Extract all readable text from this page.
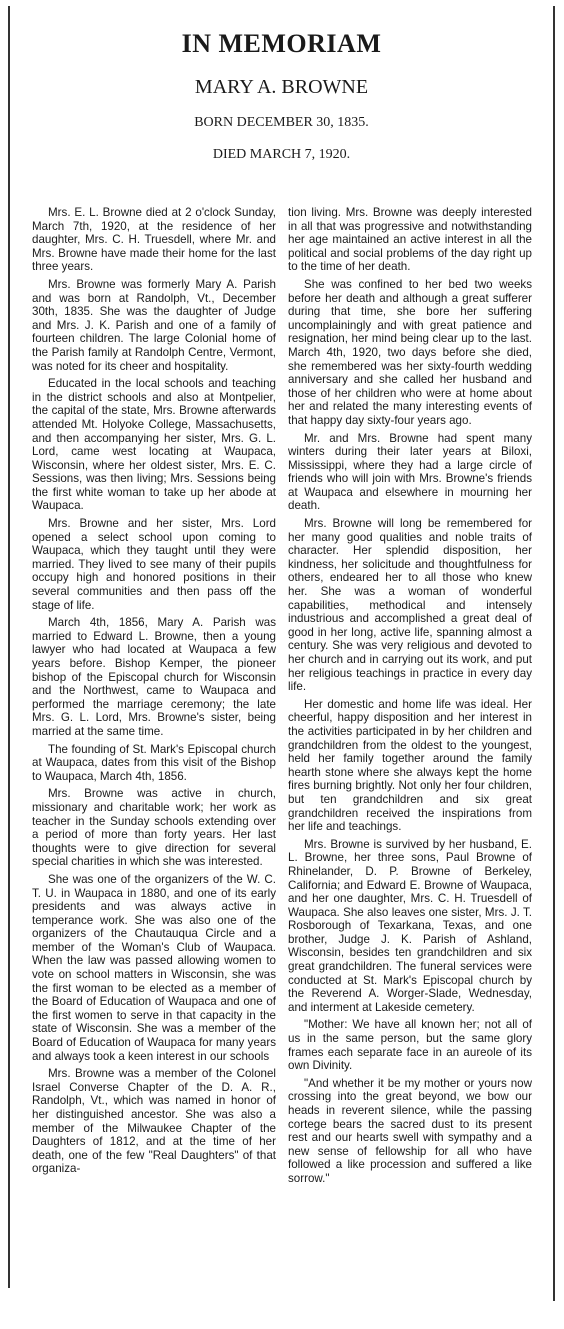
IN MEMORIAM
MARY A. BROWNE
BORN DECEMBER 30, 1835.
DIED MARCH 7, 1920.

Mrs. E. L. Browne died at 2 o'clock Sunday, March 7th, 1920, at the residence of her daughter, Mrs. C. H. Truesdell, where Mr. and Mrs. Browne have made their home for the last three years.

Mrs. Browne was formerly Mary A. Parish and was born at Randolph, Vt., December 30th, 1835. She was the daughter of Judge and Mrs. J. K. Parish and one of a family of fourteen children. The large Colonial home of the Parish family at Randolph Centre, Vermont, was noted for its cheer and hospitality.

Educated in the local schools and teaching in the district schools and also at Montpelier, the capital of the state, Mrs. Browne afterwards attended Mt. Holyoke College, Massachusetts, and then accompanying her sister, Mrs. G. L. Lord, came west locating at Waupaca, Wisconsin, where her oldest sister, Mrs. E. C. Sessions, was then living; Mrs. Sessions being the first white woman to take up her abode at Waupaca.

Mrs. Browne and her sister, Mrs. Lord opened a select school upon coming to Waupaca, which they taught until they were married. They lived to see many of their pupils occupy high and honored positions in their several communities and then pass off the stage of life.

March 4th, 1856, Mary A. Parish was married to Edward L. Browne, then a young lawyer who had located at Waupaca a few years before. Bishop Kemper, the pioneer bishop of the Episcopal church for Wisconsin and the Northwest, came to Waupaca and performed the marriage ceremony; the late Mrs. G. L. Lord, Mrs. Browne's sister, being married at the same time.

The founding of St. Mark's Episcopal church at Waupaca, dates from this visit of the Bishop to Waupaca, March 4th, 1856.

Mrs. Browne was active in church, missionary and charitable work; her work as teacher in the Sunday schools extending over a period of more than forty years. Her last thoughts were to give direction for several special charities in which she was interested.

She was one of the organizers of the W. C. T. U. in Waupaca in 1880, and one of its early presidents and was always active in temperance work. She was also one of the organizers of the Chautauqua Circle and a member of the Woman's Club of Waupaca. When the law was passed allowing women to vote on school matters in Wisconsin, she was the first woman to be elected as a member of the Board of Education of Waupaca and one of the first women to serve in that capacity in the state of Wisconsin. She was a member of the Board of Education of Waupaca for many years and always took a keen interest in our schools

Mrs. Browne was a member of the Colonel Israel Converse Chapter of the D. A. R., Randolph, Vt., which was named in honor of her distinguished ancestor. She was also a member of the Milwaukee Chapter of the Daughters of 1812, and at the time of her death, one of the few "Real Daughters" of that organiza-

tion living. Mrs. Browne was deeply interested in all that was progressive and notwithstanding her age maintained an active interest in all the political and social problems of the day right up to the time of her death.

She was confined to her bed two weeks before her death and although a great sufferer during that time, she bore her suffering uncomplainingly and with great patience and resignation, her mind being clear up to the last. March 4th, 1920, two days before she died, she remembered was her sixty-fourth wedding anniversary and she called her husband and those of her children who were at home about her and related the many interesting events of that happy day sixty-four years ago.

Mr. and Mrs. Browne had spent many winters during their later years at Biloxi, Mississippi, where they had a large circle of friends who will join with Mrs. Browne's friends at Waupaca and elsewhere in mourning her death.

Mrs. Browne will long be remembered for her many good qualities and noble traits of character. Her splendid disposition, her kindness, her solicitude and thoughtfulness for others, endeared her to all those who knew her. She was a woman of wonderful capabilities, methodical and intensely industrious and accomplished a great deal of good in her long, active life, spanning almost a century. She was very religious and devoted to her church and in carrying out its work, and put her religious teachings in practice in every day life.

Her domestic and home life was ideal. Her cheerful, happy disposition and her interest in the activities participated in by her children and grandchildren from the oldest to the youngest, held her family together around the family hearth stone where she always kept the home fires burning brightly. Not only her four children, but ten grandchildren and six great grandchildren received the inspirations from her life and teachings.

Mrs. Browne is survived by her husband, E. L. Browne, her three sons, Paul Browne of Rhinelander, D. P. Browne of Berkeley, California; and Edward E. Browne of Waupaca, and her one daughter, Mrs. C. H. Truesdell of Waupaca. She also leaves one sister, Mrs. J. T. Rosborough of Texarkana, Texas, and one brother, Judge J. K. Parish of Ashland, Wisconsin, besides ten grandchildren and six great grandchildren. The funeral services were conducted at St. Mark's Episcopal church by the Reverend A. Worger-Slade, Wednesday, and interment at Lakeside cemetery.

"Mother: We have all known her; not all of us in the same person, but the same glory frames each separate face in an aureole of its own Divinity.

"And whether it be my mother or yours now crossing into the great beyond, we bow our heads in reverent silence, while the passing cortege bears the sacred dust to its present rest and our hearts swell with sympathy and a new sense of fellowship for all who have followed a like procession and suffered a like sorrow."
